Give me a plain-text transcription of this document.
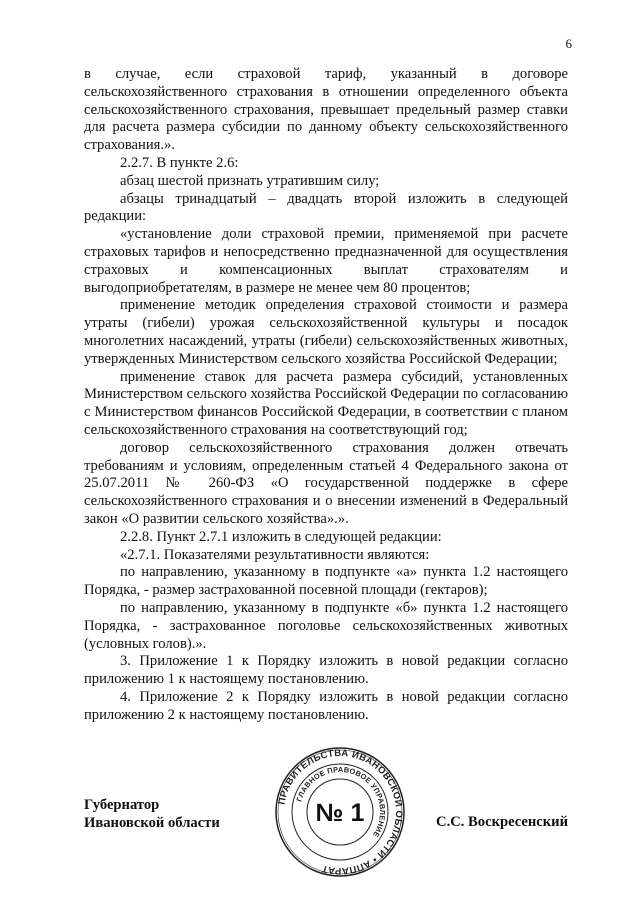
6

в случае, если страховой тариф, указанный в договоре сельскохозяйственного страхования в отношении определенного объекта сельскохозяйственного страхования, превышает предельный размер ставки для расчета размера субсидии по данному объекту сельскохозяйственного страхования.».

2.2.7. В пункте 2.6:

абзац шестой признать утратившим силу;

абзацы тринадцатый – двадцать второй изложить в следующей редакции:

«установление доли страховой премии, применяемой при расчете страховых тарифов и непосредственно предназначенной для осуществления страховых и компенсационных выплат страхователям и выгодоприобретателям, в размере не менее чем 80 процентов;

применение методик определения страховой стоимости и размера утраты (гибели) урожая сельскохозяйственной культуры и посадок многолетних насаждений, утраты (гибели) сельскохозяйственных животных, утвержденных Министерством сельского хозяйства Российской Федерации;

применение ставок для расчета размера субсидий, установленных Министерством сельского хозяйства Российской Федерации по согласованию с Министерством финансов Российской Федерации, в соответствии с планом сельскохозяйственного страхования на соответствующий год;

договор сельскохозяйственного страхования должен отвечать требованиям и условиям, определенным статьей 4 Федерального закона от 25.07.2011 № 260-ФЗ «О государственной поддержке в сфере сельскохозяйственного страхования и о внесении изменений в Федеральный закон «О развитии сельского хозяйства».».

2.2.8. Пункт 2.7.1 изложить в следующей редакции:

«2.7.1. Показателями результативности являются:

по направлению, указанному в подпункте «а» пункта 1.2 настоящего Порядка, - размер застрахованной посевной площади (гектаров);

по направлению, указанному в подпункте «б» пункта 1.2 настоящего Порядка, - застрахованное поголовье сельскохозяйственных животных (условных голов).».

3. Приложение 1 к Порядку изложить в новой редакции согласно приложению 1 к настоящему постановлению.

4. Приложение 2 к Порядку изложить в новой редакции согласно приложению 2 к настоящему постановлению.

Губернатор
Ивановской области
ПРАВИТЕЛЬСТВА ИВАНОВСКОЙ ОБЛАСТИ • АППАРАТ
ГЛАВНОЕ ПРАВОВОЕ УПРАВЛЕНИЕ
№ 1	С.С. Воскресенский
